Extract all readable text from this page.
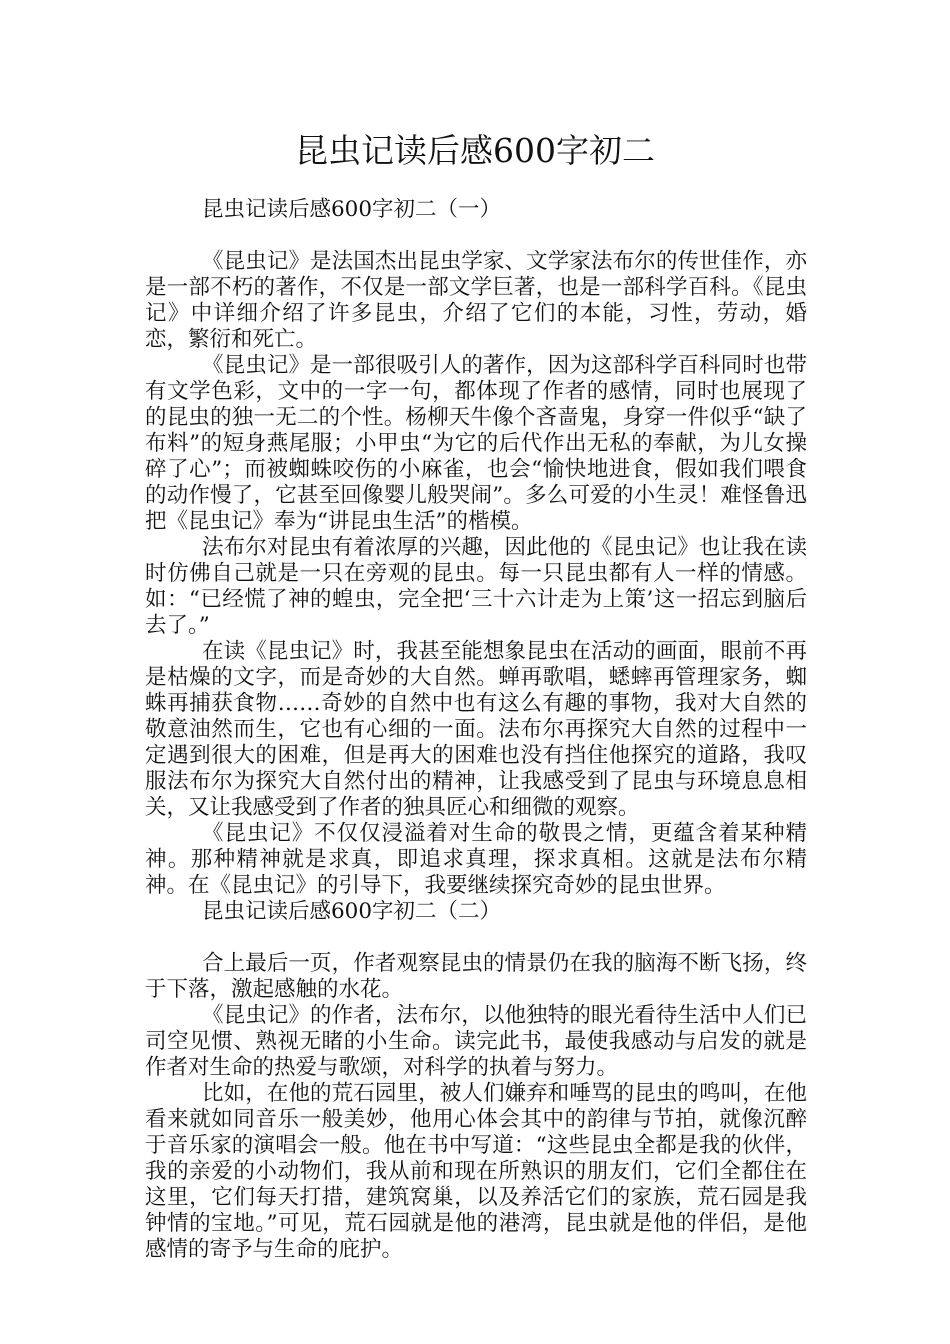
昆虫记读后感600字初二

昆虫记读后感600字初二（一）

《昆虫记》是法国杰出昆虫学家、文学家法布尔的传世佳作，亦是一部不朽的著作，不仅是一部文学巨著，也是一部科学百科。《昆虫记》中详细介绍了许多昆虫，介绍了它们的本能，习性，劳动，婚恋，繁衍和死亡。

《昆虫记》是一部很吸引人的著作，因为这部科学百科同时也带有文学色彩，文中的一字一句，都体现了作者的感情，同时也展现了的昆虫的独一无二的个性。杨柳天牛像个吝啬鬼，身穿一件似乎“缺了布料”的短身燕尾服；小甲虫“为它的后代作出无私的奉献，为儿女操碎了心”；而被蜘蛛咬伤的小麻雀，也会“愉快地进食，假如我们喂食的动作慢了，它甚至回像婴儿般哭闹”。多么可爱的小生灵！难怪鲁迅把《昆虫记》奉为“讲昆虫生活”的楷模。

法布尔对昆虫有着浓厚的兴趣，因此他的《昆虫记》也让我在读时仿佛自己就是一只在旁观的昆虫。每一只昆虫都有人一样的情感。如：“已经慌了神的蝗虫，完全把‘三十六计走为上策’这一招忘到脑后去了。”

在读《昆虫记》时，我甚至能想象昆虫在活动的画面，眼前不再是枯燥的文字，而是奇妙的大自然。蝉再歌唱，蟋蟀再管理家务，蜘蛛再捕获食物……奇妙的自然中也有这么有趣的事物，我对大自然的敬意油然而生，它也有心细的一面。法布尔再探究大自然的过程中一定遇到很大的困难，但是再大的困难也没有挡住他探究的道路，我叹服法布尔为探究大自然付出的精神，让我感受到了昆虫与环境息息相关，又让我感受到了作者的独具匠心和细微的观察。

《昆虫记》不仅仅浸溢着对生命的敬畏之情，更蕴含着某种精神。那种精神就是求真，即追求真理，探求真相。这就是法布尔精神。在《昆虫记》的引导下，我要继续探究奇妙的昆虫世界。

昆虫记读后感600字初二（二）

合上最后一页，作者观察昆虫的情景仍在我的脑海不断飞扬，终于下落，激起感触的水花。

《昆虫记》的作者，法布尔，以他独特的眼光看待生活中人们已司空见惯、熟视无睹的小生命。读完此书，最使我感动与启发的就是作者对生命的热爱与歌颂，对科学的执着与努力。

比如，在他的荒石园里，被人们嫌弃和唾骂的昆虫的鸣叫，在他看来就如同音乐一般美妙，他用心体会其中的韵律与节拍，就像沉醉于音乐家的演唱会一般。他在书中写道：“这些昆虫全都是我的伙伴，我的亲爱的小动物们，我从前和现在所熟识的朋友们，它们全都住在这里，它们每天打措，建筑窝巢，以及养活它们的家族，荒石园是我钟情的宝地。”可见，荒石园就是他的港湾，昆虫就是他的伴侣，是他感情的寄予与生命的庇护。
